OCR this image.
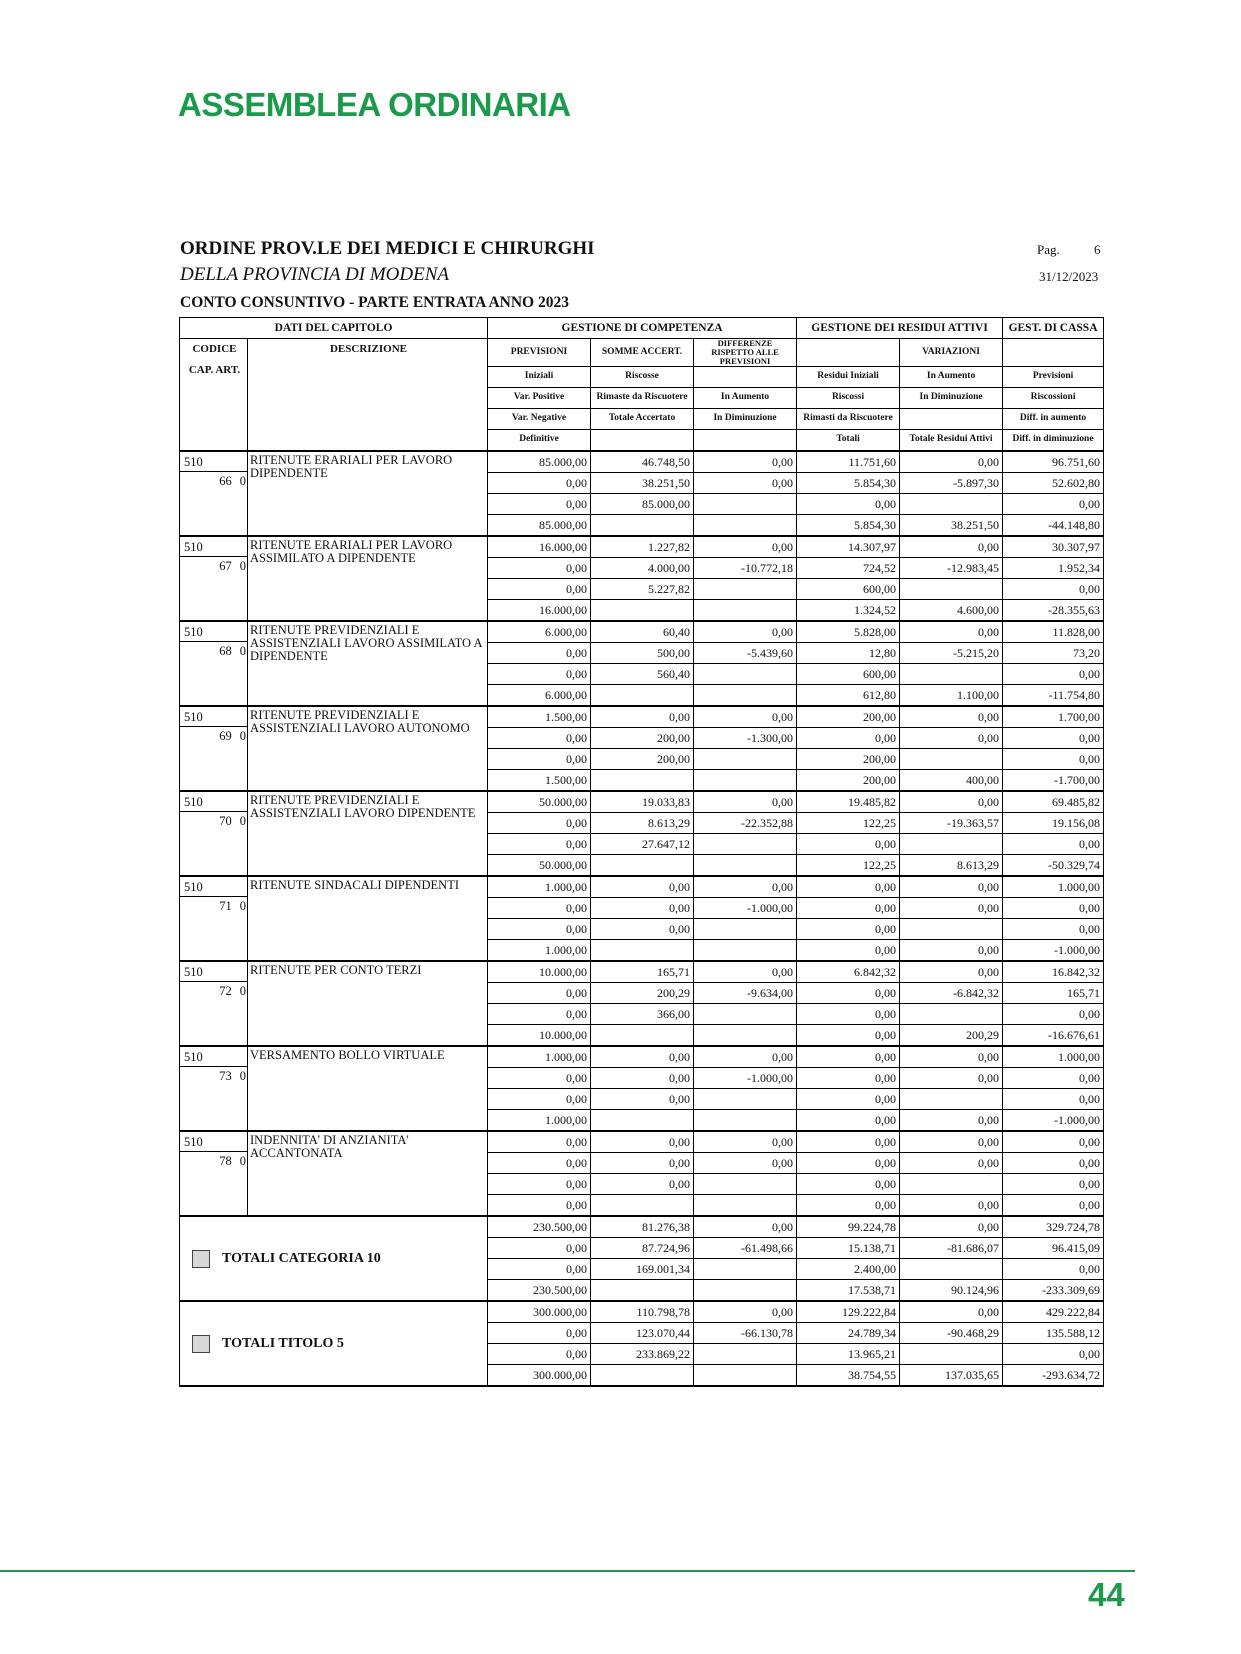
ASSEMBLEA ORDINARIA
ORDINE PROV.LE DEI MEDICI E CHIRURGHI
DELLA PROVINCIA DI MODENA
CONTO CONSUNTIVO - PARTE ENTRATA ANNO 2023
Pag.	6
31/12/2023
DATI DEL CAPITOLO		GESTIONE DI COMPETENZA			GESTIONE DEI RESIDUI ATTIVI		GEST. DI CASSA

CODICE
CAP. ART.	DESCRIZIONE	PREVISIONI	SOMME ACCERT.	DIFFERENZE RISPETTO ALLE PREVISIONI		VARIAZIONI	
		Iniziali	Riscosse		Residui Iniziali	In Aumento	Previsioni
		Var. Positive	Rimaste da Riscuotere	In Aumento	Riscossi	In Diminuzione	Riscossioni
		Var. Negative	Totale Accertato	In Diminuzione	Rimasti da Riscuotere		Diff. in aumento
		Definitive			Totali	Totale Residui Attivi	Diff. in diminuzione

510
66 0	RITENUTE ERARIALI PER LAVORO DIPENDENTE	85.000,00	46.748,50	0,00	11.751,60	0,00	96.751,60
		0,00	38.251,50	0,00	5.854,30	-5.897,30	52.602,80
		0,00	85.000,00		0,00		0,00
		85.000,00			5.854,30	38.251,50	-44.148,80

510
67 0	RITENUTE ERARIALI PER LAVORO ASSIMILATO A DIPENDENTE	16.000,00	1.227,82	0,00	14.307,97	0,00	30.307,97
		0,00	4.000,00	-10.772,18	724,52	-12.983,45	1.952,34
		0,00	5.227,82		600,00		0,00
		16.000,00			1.324,52	4.600,00	-28.355,63

510
68 0	RITENUTE PREVIDENZIALI E ASSISTENZIALI LAVORO ASSIMILATO A DIPENDENTE	6.000,00	60,40	0,00	5.828,00	0,00	11.828,00
		0,00	500,00	-5.439,60	12,80	-5.215,20	73,20
		0,00	560,40		600,00		0,00
		6.000,00			612,80	1.100,00	-11.754,80

510
69 0	RITENUTE PREVIDENZIALI E ASSISTENZIALI LAVORO AUTONOMO	1.500,00	0,00	0,00	200,00	0,00	1.700,00
		0,00	200,00	-1.300,00	0,00	0,00	0,00
		0,00	200,00		200,00		0,00
		1.500,00			200,00	400,00	-1.700,00

510
70 0	RITENUTE PREVIDENZIALI E ASSISTENZIALI LAVORO DIPENDENTE	50.000,00	19.033,83	0,00	19.485,82	0,00	69.485,82
		0,00	8.613,29	-22.352,88	122,25	-19.363,57	19.156,08
		0,00	27.647,12		0,00		0,00
		50.000,00			122,25	8.613,29	-50.329,74

510
71 0	RITENUTE SINDACALI DIPENDENTI	1.000,00	0,00	0,00	0,00	0,00	1.000,00
		0,00	0,00	-1.000,00	0,00	0,00	0,00
		0,00	0,00		0,00		0,00
		1.000,00			0,00	0,00	-1.000,00

510
72 0	RITENUTE PER CONTO TERZI	10.000,00	165,71	0,00	6.842,32	0,00	16.842,32
		0,00	200,29	-9.634,00	0,00	-6.842,32	165,71
		0,00	366,00		0,00		0,00
		10.000,00			0,00	200,29	-16.676,61

510
73 0	VERSAMENTO BOLLO VIRTUALE	1.000,00	0,00	0,00	0,00	0,00	1.000,00
		0,00	0,00	-1.000,00	0,00	0,00	0,00
		0,00	0,00		0,00		0,00
		1.000,00			0,00	0,00	-1.000,00

510
78 0	INDENNITA' DI ANZIANITA' ACCANTONATA	0,00	0,00	0,00	0,00	0,00	0,00
		0,00	0,00	0,00	0,00	0,00	0,00
		0,00	0,00		0,00		0,00
		0,00			0,00	0,00	0,00
TOTALI CATEGORIA 10		230.500,00	81.276,38	0,00	99.224,78	0,00	329.724,78
		0,00	87.724,96	-61.498,66	15.138,71	-81.686,07	96.415,09
		0,00	169.001,34		2.400,00		0,00
		230.500,00			17.538,71	90.124,96	-233.309,69
TOTALI TITOLO 5		300.000,00	110.798,78	0,00	129.222,84	0,00	429.222,84
		0,00	123.070,44	-66.130,78	24.789,34	-90.468,29	135.588,12
		0,00	233.869,22		13.965,21		0,00
		300.000,00			38.754,55	137.035,65	-293.634,72
44
